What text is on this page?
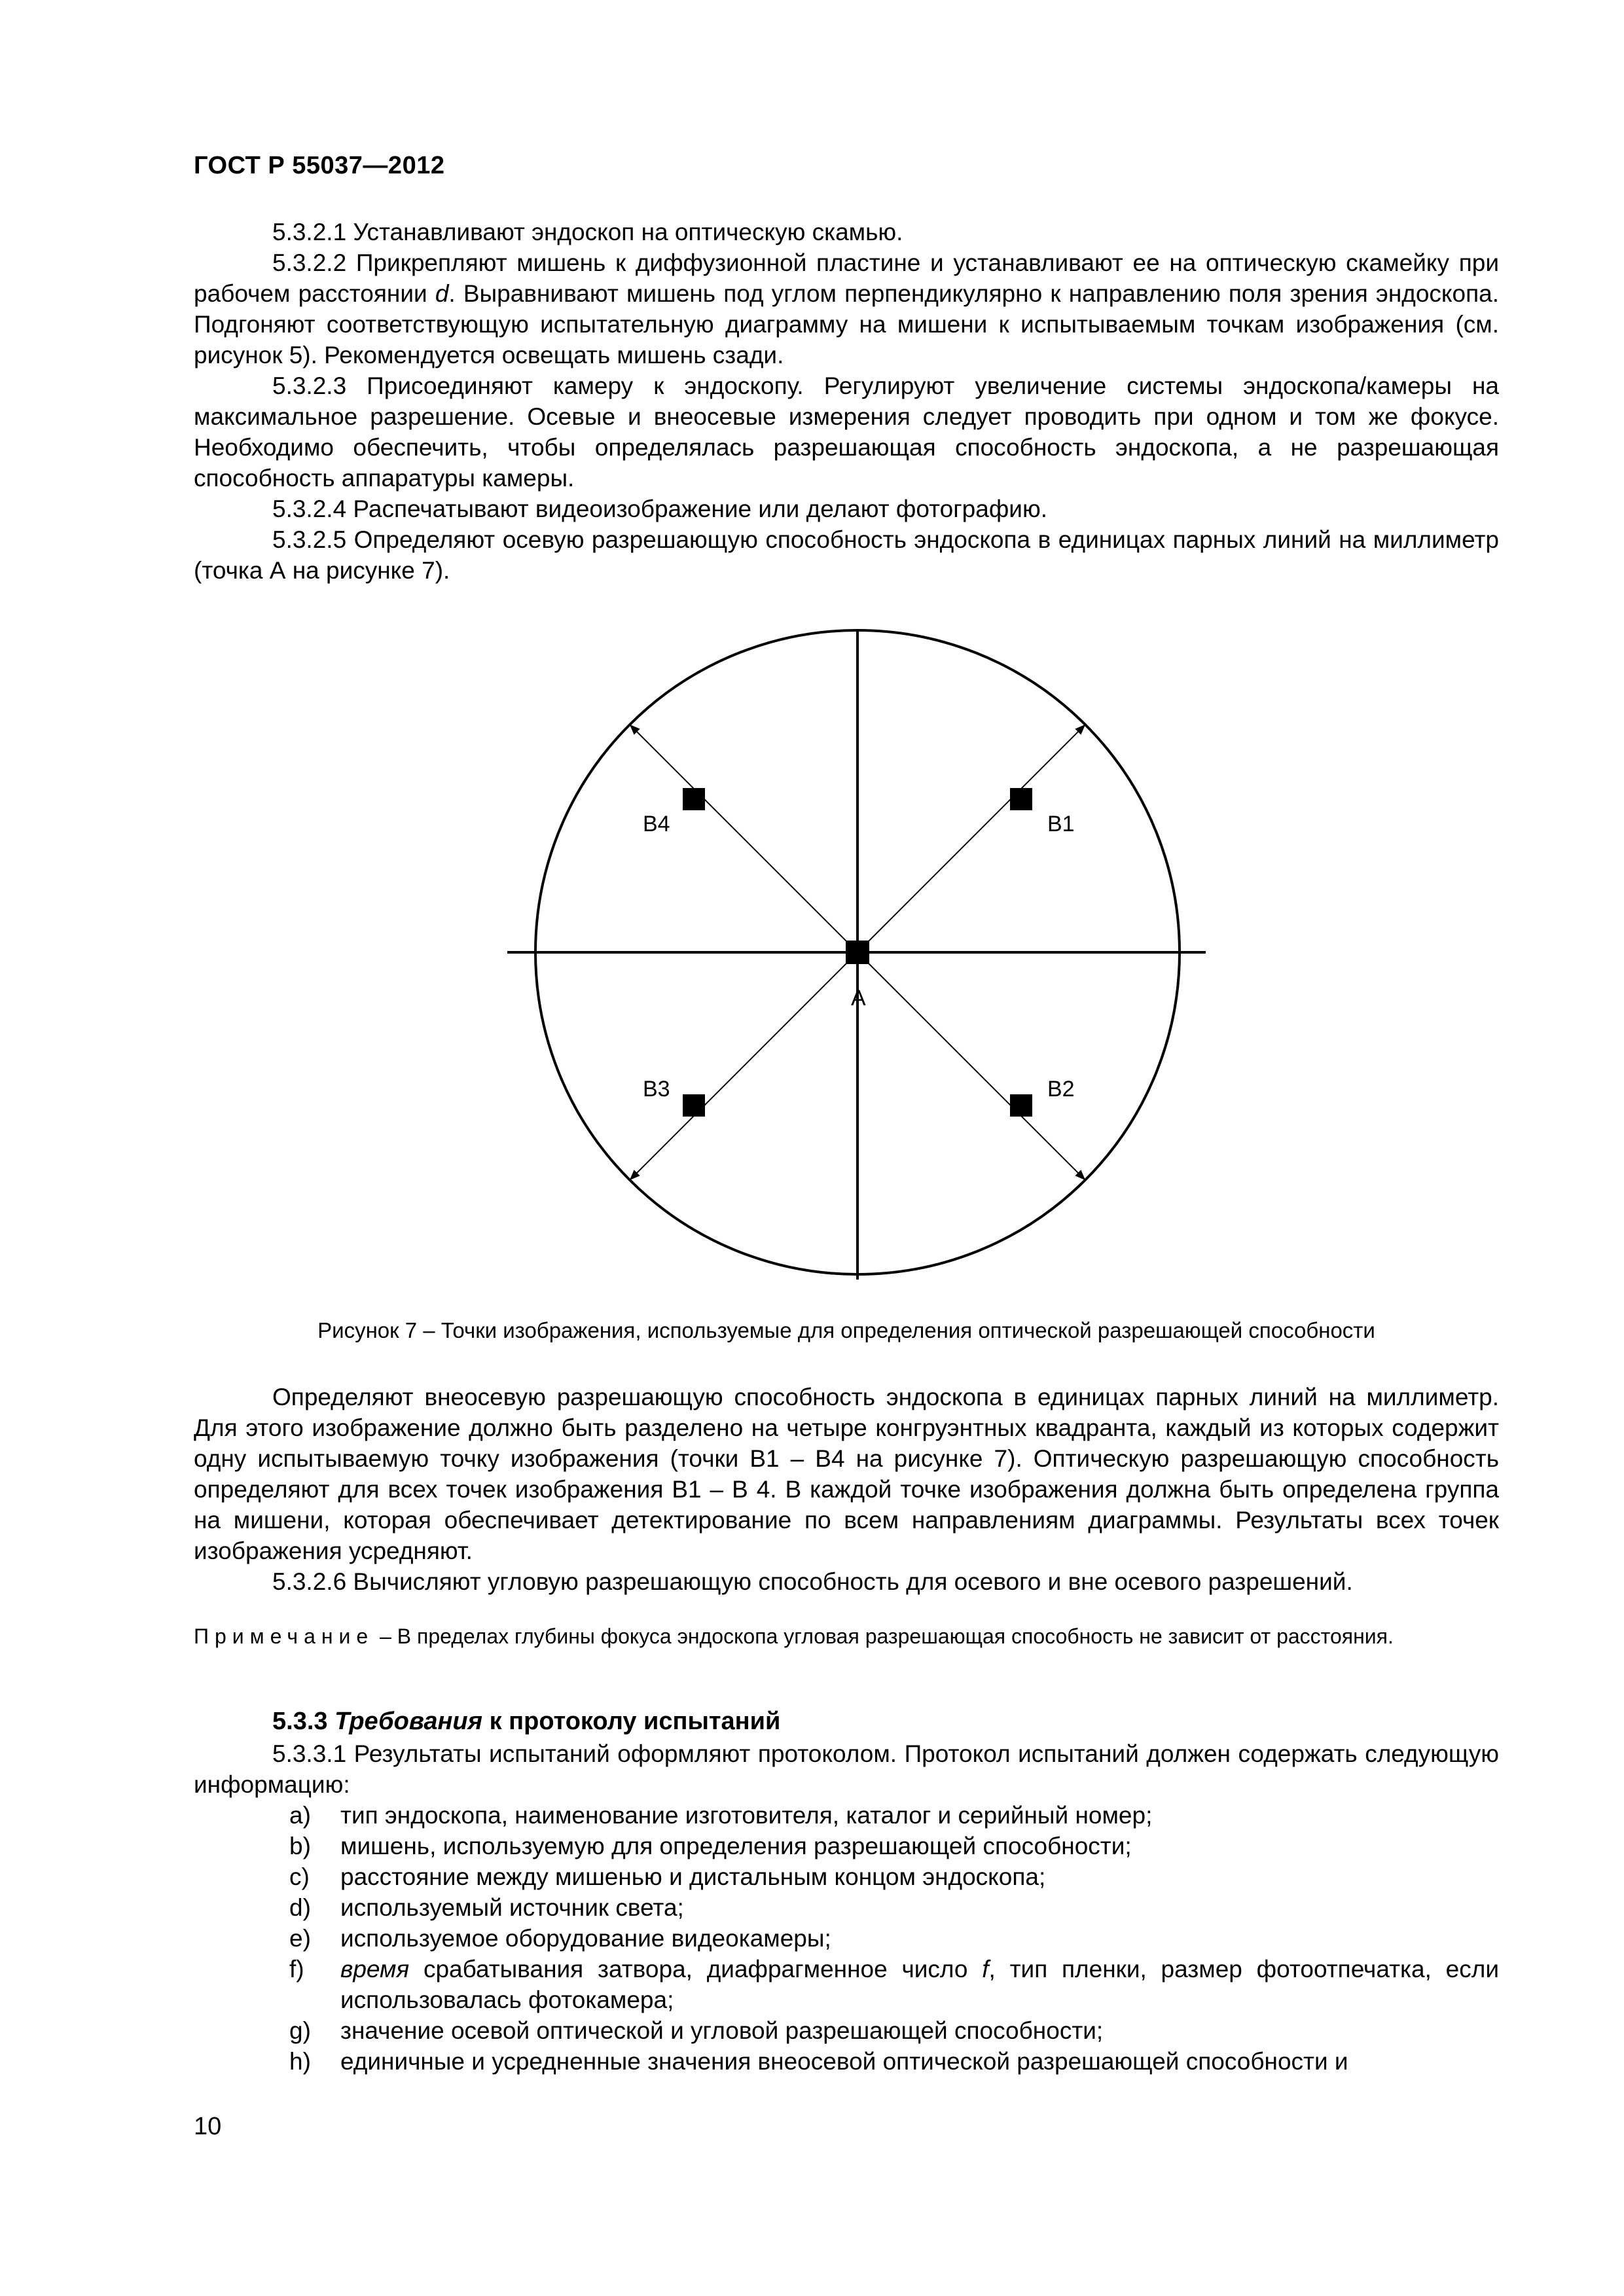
ГОСТ Р 55037—2012

5.3.2.1 Устанавливают эндоскоп на оптическую скамью.

5.3.2.2 Прикрепляют мишень к диффузионной пластине и устанавливают ее на оптическую скамейку при рабочем расстоянии d. Выравнивают мишень под углом перпендикулярно к направлению поля зрения эндоскопа. Подгоняют соответствующую испытательную диаграмму на мишени к испытываемым точкам изображения (см. рисунок 5). Рекомендуется освещать мишень сзади.

5.3.2.3 Присоединяют камеру к эндоскопу. Регулируют увеличение системы эндоскопа/камеры на максимальное разрешение. Осевые и внеосевые измерения следует проводить при одном и том же фокусе. Необходимо обеспечить, чтобы определялась разрешающая способность эндоскопа, а не разрешающая способность аппаратуры камеры.

5.3.2.4 Распечатывают видеоизображение или делают фотографию.

5.3.2.5 Определяют осевую разрешающую способность эндоскопа в единицах парных линий на миллиметр (точка А на рисунке 7).

А
В1
В2
В3
В4
Рисунок 7 – Точки изображения, используемые для определения оптической разрешающей способности

Определяют внеосевую разрешающую способность эндоскопа в единицах парных линий на миллиметр. Для этого изображение должно быть разделено на четыре конгруэнтных квадранта, каждый из которых содержит одну испытываемую точку изображения (точки В1 – В4 на рисунке 7). Оптическую разрешающую способность определяют для всех точек изображения В1 – В 4. В каждой точке изображения должна быть определена группа на мишени, которая обеспечивает детектирование по всем направлениям диаграммы. Результаты всех точек изображения усредняют.

5.3.2.6 Вычисляют угловую разрешающую способность для осевого и вне осевого разрешений.

Примечание – В пределах глубины фокуса эндоскопа угловая разрешающая способность не зависит от расстояния.
5.3.3 Требования к протоколу испытаний

5.3.3.1 Результаты испытаний оформляют протоколом. Протокол испытаний должен содержать следующую информацию:

a) тип эндоскопа, наименование изготовителя, каталог и серийный номер;
b) мишень, используемую для определения разрешающей способности;
c) расстояние между мишенью и дистальным концом эндоскопа;
d) используемый источник света;
e) используемое оборудование видеокамеры;
f) время срабатывания затвора, диафрагменное число f, тип пленки, размер фотоотпечатка, если использовалась фотокамера;
g) значение осевой оптической и угловой разрешающей способности;
h) единичные и усредненные значения внеосевой оптической разрешающей способности и
10
